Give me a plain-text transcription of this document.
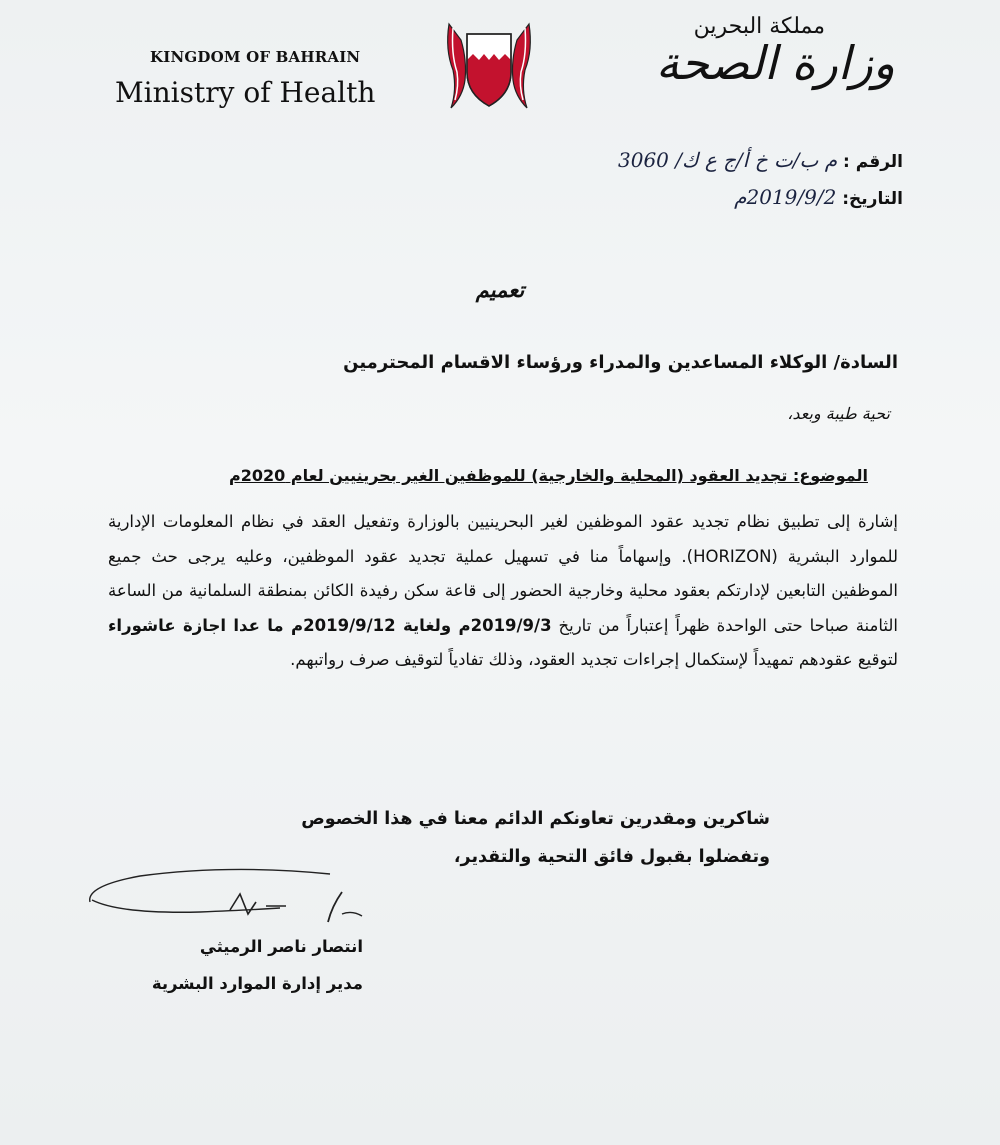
KINGDOM OF BAHRAIN
Ministry of Health
مملكة البحرين
وزارة الصحة
الرقم : م ب/ت خ أ/ج ع ك/ 3060
التاريخ: 2019/9/2م
تعميم
السادة/ الوكلاء المساعدين والمدراء ورؤساء الاقسام المحترمين
تحية طيبة وبعد،
الموضوع: تجديد العقود (المحلية والخارجية) للموظفين الغير بحرينيين لعام 2020م
إشارة إلى تطبيق نظام تجديد عقود الموظفين لغير البحرينيين بالوزارة وتفعيل العقد في نظام المعلومات الإدارية للموارد البشرية (HORIZON). وإسهاماً منا في تسهيل عملية تجديد عقود الموظفين، وعليه يرجى حث جميع الموظفين التابعين لإدارتكم بعقود محلية وخارجية الحضور إلى قاعة سكن رفيدة الكائن بمنطقة السلمانية من الساعة الثامنة صباحا حتى الواحدة ظهراً إعتباراً من تاريخ 2019/9/3م ولغاية 2019/9/12م ما عدا اجازة عاشوراء لتوقيع عقودهم تمهيداً لإستكمال إجراءات تجديد العقود، وذلك تفادياً لتوقيف صرف رواتبهم.
شاكرين ومقدرين تعاونكم الدائم معنا في هذا الخصوص
وتفضلوا بقبول فائق التحية والتقدير،
انتصار ناصر الرميثي
مدير إدارة الموارد البشرية
